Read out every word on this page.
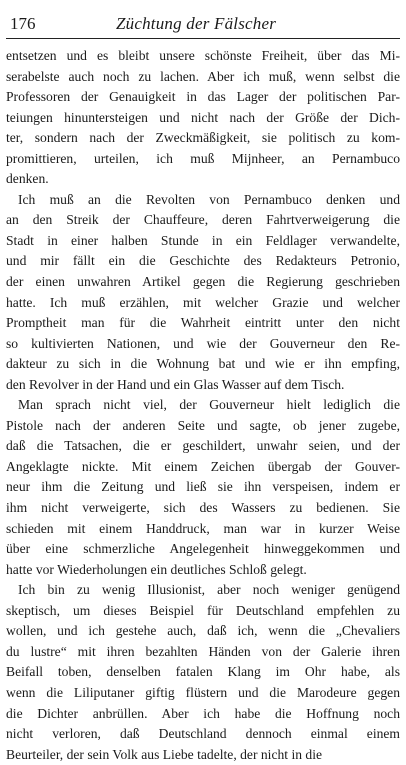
176	Züchtung der Fälscher
entsetzen und es bleibt unsere schönste Freiheit, über das Mi-
serabelste auch noch zu lachen. Aber ich muß, wenn selbst die
Professoren der Genauigkeit in das Lager der politischen Par-
teiungen hinuntersteigen und nicht nach der Größe der Dich-
ter, sondern nach der Zweckmäßigkeit, sie politisch zu kom-
promittieren, urteilen, ich muß Mijnheer, an Pernambuco
denken.
Ich muß an die Revolten von Pernambuco denken und
an den Streik der Chauffeure, deren Fahrtverweigerung die
Stadt in einer halben Stunde in ein Feldlager verwandelte,
und mir fällt ein die Geschichte des Redakteurs Petronio,
der einen unwahren Artikel gegen die Regierung geschrieben
hatte. Ich muß erzählen, mit welcher Grazie und welcher
Promptheit man für die Wahrheit eintritt unter den nicht
so kultivierten Nationen, und wie der Gouverneur den Re-
dakteur zu sich in die Wohnung bat und wie er ihn empfing,
den Revolver in der Hand und ein Glas Wasser auf dem Tisch.
Man sprach nicht viel, der Gouverneur hielt lediglich die
Pistole nach der anderen Seite und sagte, ob jener zugebe,
daß die Tatsachen, die er geschildert, unwahr seien, und der
Angeklagte nickte. Mit einem Zeichen übergab der Gouver-
neur ihm die Zeitung und ließ sie ihn verspeisen, indem er
ihm nicht verweigerte, sich des Wassers zu bedienen. Sie
schieden mit einem Handdruck, man war in kurzer Weise
über eine schmerzliche Angelegenheit hinweggekommen und
hatte vor Wiederholungen ein deutliches Schloß gelegt.
Ich bin zu wenig Illusionist, aber noch weniger genügend
skeptisch, um dieses Beispiel für Deutschland empfehlen zu
wollen, und ich gestehe auch, daß ich, wenn die „Chevaliers
du lustre“ mit ihren bezahlten Händen von der Galerie ihren
Beifall toben, denselben fatalen Klang im Ohr habe, als
wenn die Liliputaner giftig flüstern und die Marodeure gegen
die Dichter anbrüllen. Aber ich habe die Hoffnung noch
nicht verloren, daß Deutschland dennoch einmal einem
Beurteiler, der sein Volk aus Liebe tadelte, der nicht in die
